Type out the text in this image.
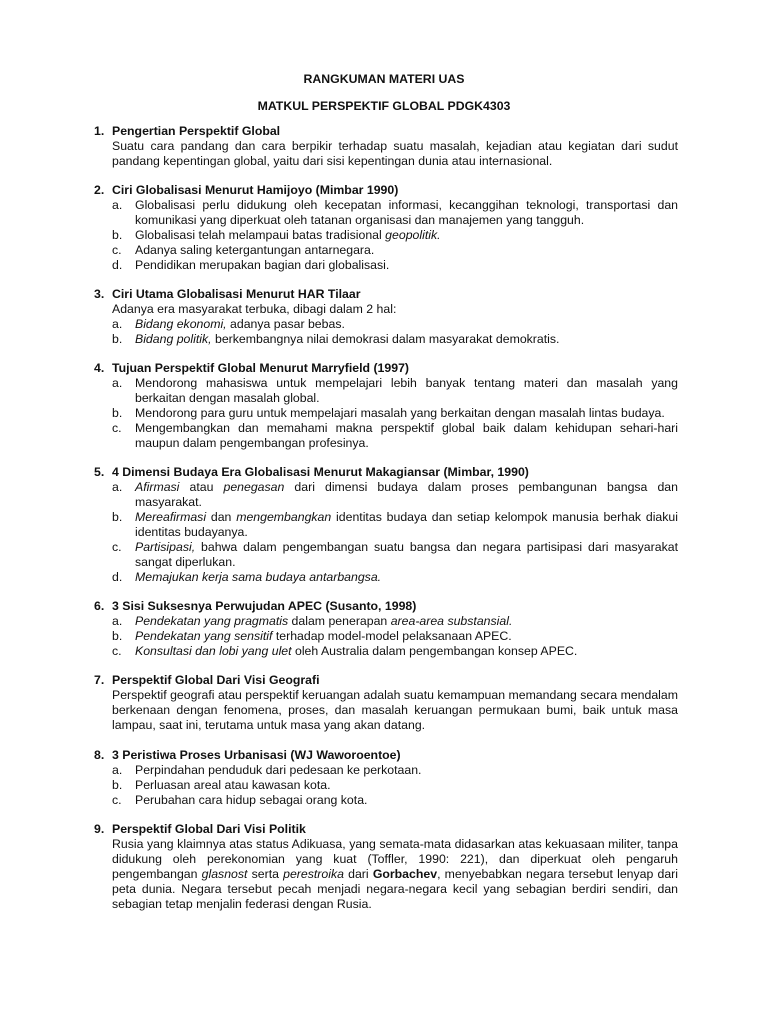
RANGKUMAN MATERI UAS
MATKUL PERSPEKTIF GLOBAL PDGK4303
1. Pengertian Perspektif Global

Suatu cara pandang dan cara berpikir terhadap suatu masalah, kejadian atau kegiatan dari sudut pandang kepentingan global, yaitu dari sisi kepentingan dunia atau internasional.

2. Ciri Globalisasi Menurut Hamijoyo (Mimbar 1990)
a.	Globalisasi perlu didukung oleh kecepatan informasi, kecanggihan teknologi, transportasi dan komunikasi yang diperkuat oleh tatanan organisasi dan manajemen yang tangguh.
b.	Globalisasi telah melampaui batas tradisional geopolitik.
c.	Adanya saling ketergantungan antarnegara.
d.	Pendidikan merupakan bagian dari globalisasi.
3. Ciri Utama Globalisasi Menurut HAR Tilaar

Adanya era masyarakat terbuka, dibagi dalam 2 hal:

a.	Bidang ekonomi, adanya pasar bebas.
b.	Bidang politik, berkembangnya nilai demokrasi dalam masyarakat demokratis.
4. Tujuan Perspektif Global Menurut Marryfield (1997)
a.	Mendorong mahasiswa untuk mempelajari lebih banyak tentang materi dan masalah yang berkaitan dengan masalah global.
b.	Mendorong para guru untuk mempelajari masalah yang berkaitan dengan masalah lintas budaya.
c.	Mengembangkan dan memahami makna perspektif global baik dalam kehidupan sehari-hari maupun dalam pengembangan profesinya.
5. 4 Dimensi Budaya Era Globalisasi Menurut Makagiansar (Mimbar, 1990)
a.	Afirmasi atau penegasan dari dimensi budaya dalam proses pembangunan bangsa dan masyarakat.
b.	Mereafirmasi dan mengembangkan identitas budaya dan setiap kelompok manusia berhak diakui identitas budayanya.
c.	Partisipasi, bahwa dalam pengembangan suatu bangsa dan negara partisipasi dari masyarakat sangat diperlukan.
d.	Memajukan kerja sama budaya antarbangsa.
6. 3 Sisi Suksesnya Perwujudan APEC (Susanto, 1998)
a.	Pendekatan yang pragmatis dalam penerapan area-area substansial.
b.	Pendekatan yang sensitif terhadap model-model pelaksanaan APEC.
c.	Konsultasi dan lobi yang ulet oleh Australia dalam pengembangan konsep APEC.
7. Perspektif Global Dari Visi Geografi

Perspektif geografi atau perspektif keruangan adalah suatu kemampuan memandang secara mendalam berkenaan dengan fenomena, proses, dan masalah keruangan permukaan bumi, baik untuk masa lampau, saat ini, terutama untuk masa yang akan datang.

8. 3 Peristiwa Proses Urbanisasi (WJ Waworoentoe)
a.	Perpindahan penduduk dari pedesaan ke perkotaan.
b.	Perluasan areal atau kawasan kota.
c.	Perubahan cara hidup sebagai orang kota.
9. Perspektif Global Dari Visi Politik

Rusia yang klaimnya atas status Adikuasa, yang semata-mata didasarkan atas kekuasaan militer, tanpa didukung oleh perekonomian yang kuat (Toffler, 1990: 221), dan diperkuat oleh pengaruh pengembangan glasnost serta perestroika dari Gorbachev, menyebabkan negara tersebut lenyap dari peta dunia. Negara tersebut pecah menjadi negara-negara kecil yang sebagian berdiri sendiri, dan sebagian tetap menjalin federasi dengan Rusia.
